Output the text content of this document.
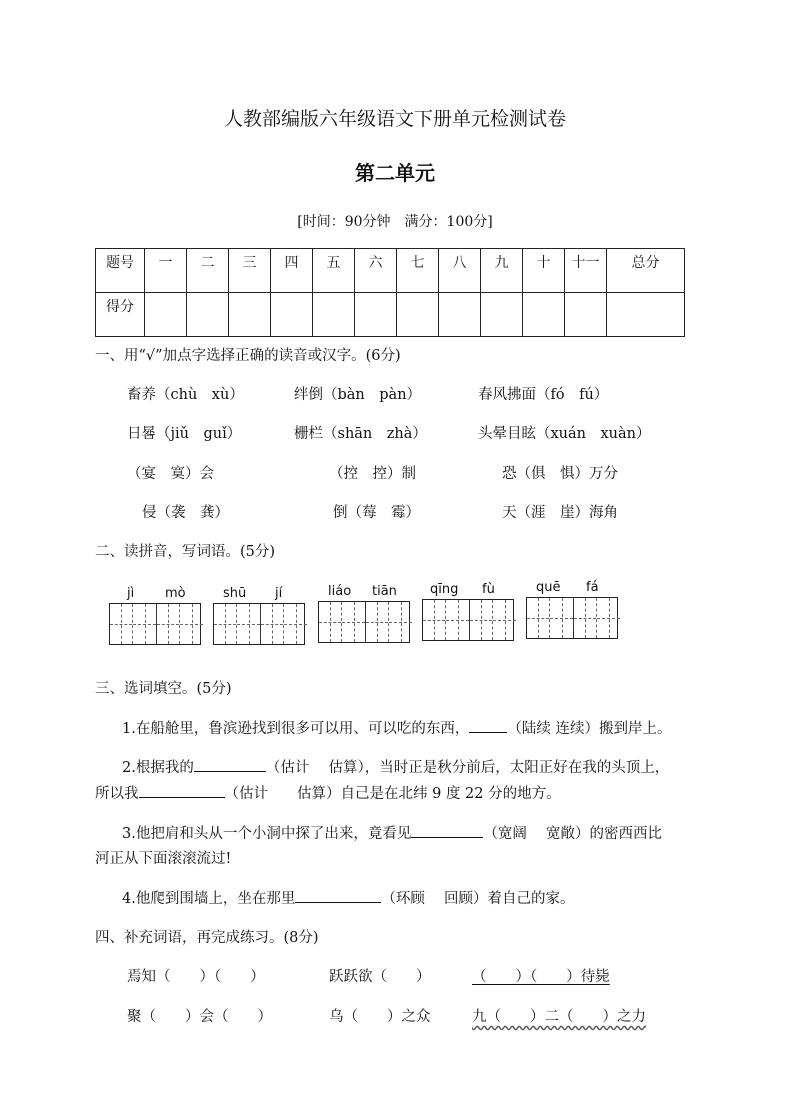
人教部编版六年级语文下册单元检测试卷
第二单元
[时间：90分钟　满分：100分]
题号	一	二	三	四	五	六	七	八	九	十	十一	总分
得分												
一、用“√”加点字选择正确的读音或汉字。(6分)
畜养（chù　xù）	绊倒（bàn　pàn）	春风拂面（fó　fú）
日晷（jiǔ　guǐ）	栅栏（shān　zhà）	头晕目眩（xuán　xuàn）
（宴　寞）会	（控　控）制	恐（俱　惧）万分
侵（袭　龚）	倒（莓　霉）	天（涯　崖）海角
二、读拼音，写词语。(5分)
jì mò	shū jí	liáo tiān	qīng fù	quē fá
三、选词填空。(5分)
1.在船舱里，鲁滨逊找到很多可以用、可以吃的东西，	（陆续 连续）搬到岸上。
2.根据我的	（估计　 估算），当时正是秋分前后，太阳正好在我的头顶上，
所以我	（估计　　估算）自己是在北纬 9 度 22 分的地方。
3.他把肩和头从一个小洞中探了出来，竟看见	（宽阔　 宽敞）的密西西比
河正从下面滚滚流过!
4.他爬到围墙上，坐在那里	（环顾　 回顾）着自己的家。
四、补充词语，再完成练习。(8分)
焉知（　　）（　　）	跃跃欲（　　）	（　　）（　　）待毙
聚（　　）会（　　）	乌（　　）之众	九（　　）二（　　）之力
